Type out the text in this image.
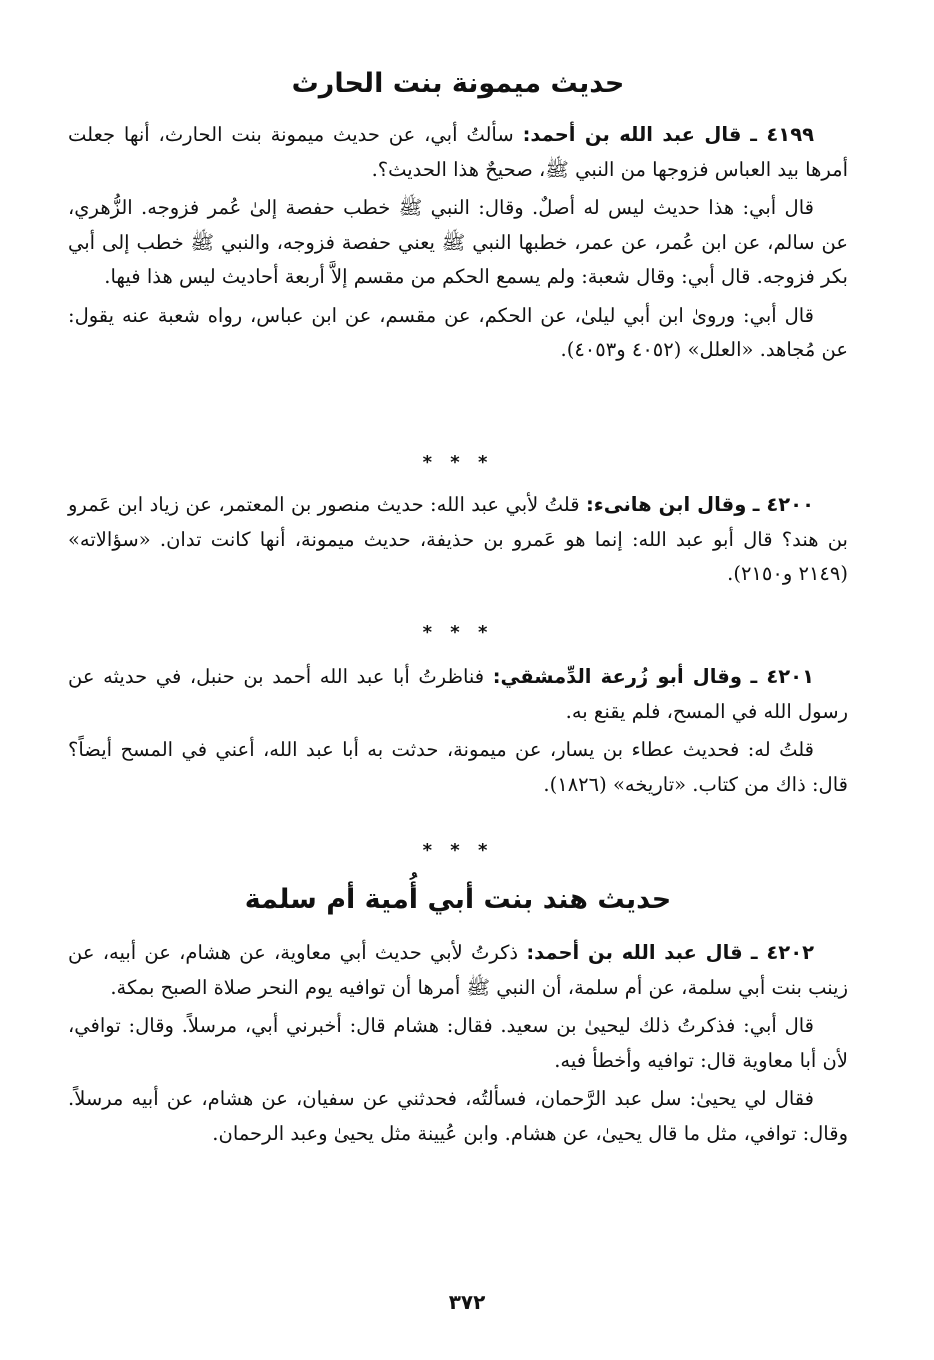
حديث ميمونة بنت الحارث

٤١٩٩ ـ قال عبد الله بن أحمد: سألتُ أبي، عن حديث ميمونة بنت الحارث، أنها جعلت أمرها بيد العباس فزوجها من النبي ﷺ، صحيحٌ هذا الحديث؟.

قال أبي: هذا حديث ليس له أصلٌ. وقال: النبي ﷺ خطب حفصة إلىٰ عُمر فزوجه. الزُّهري، عن سالم، عن ابن عُمر، عن عمر، خطبها النبي ﷺ يعني حفصة فزوجه، والنبي ﷺ خطب إلى أبي بكر فزوجه. قال أبي: وقال شعبة: ولم يسمع الحكم من مقسم إلاَّ أربعة أحاديث ليس هذا فيها.

قال أبي: وروىٰ ابن أبي ليلىٰ، عن الحكم، عن مقسم، عن ابن عباس، رواه شعبة عنه يقول: عن مُجاهد. «العلل» (٤٠٥٢ و٤٠٥٣).

* * *

٤٢٠٠ ـ وقال ابن هانىء: قلتُ لأبي عبد الله: حديث منصور بن المعتمر، عن زياد ابن عَمرو بن هند؟ قال أبو عبد الله: إنما هو عَمرو بن حذيفة، حديث ميمونة، أنها كانت تدان. «سؤالاته» (٢١٤٩ و٢١٥٠).

* * *

٤٢٠١ ـ وقال أبو زُرعة الدِّمشقي: فناظرتُ أبا عبد الله أحمد بن حنبل، في حديثه عن رسول الله في المسح، فلم يقنع به.

قلتُ له: فحديث عطاء بن يسار، عن ميمونة، حدثت به أبا عبد الله، أعني في المسح أيضاً؟ قال: ذاك من كتاب. «تاريخه» (١٨٢٦).

* * *
حديث هند بنت أبي أُمية أم سلمة

٤٢٠٢ ـ قال عبد الله بن أحمد: ذكرتُ لأبي حديث أبي معاوية، عن هشام، عن أبيه، عن زينب بنت أبي سلمة، عن أم سلمة، أن النبي ﷺ أمرها أن توافيه يوم النحر صلاة الصبح بمكة.

قال أبي: فذكرتُ ذلك ليحيىٰ بن سعيد. فقال: هشام قال: أخبرني أبي، مرسلاً. وقال: توافي، لأن أبا معاوية قال: توافيه وأخطأ فيه.

فقال لي يحيىٰ: سل عبد الرَّحمان، فسألتُه، فحدثني عن سفيان، عن هشام، عن أبيه مرسلاً. وقال: توافي، مثل ما قال يحيىٰ، عن هشام. وابن عُيينة مثل يحيىٰ وعبد الرحمان.

٣٧٢
